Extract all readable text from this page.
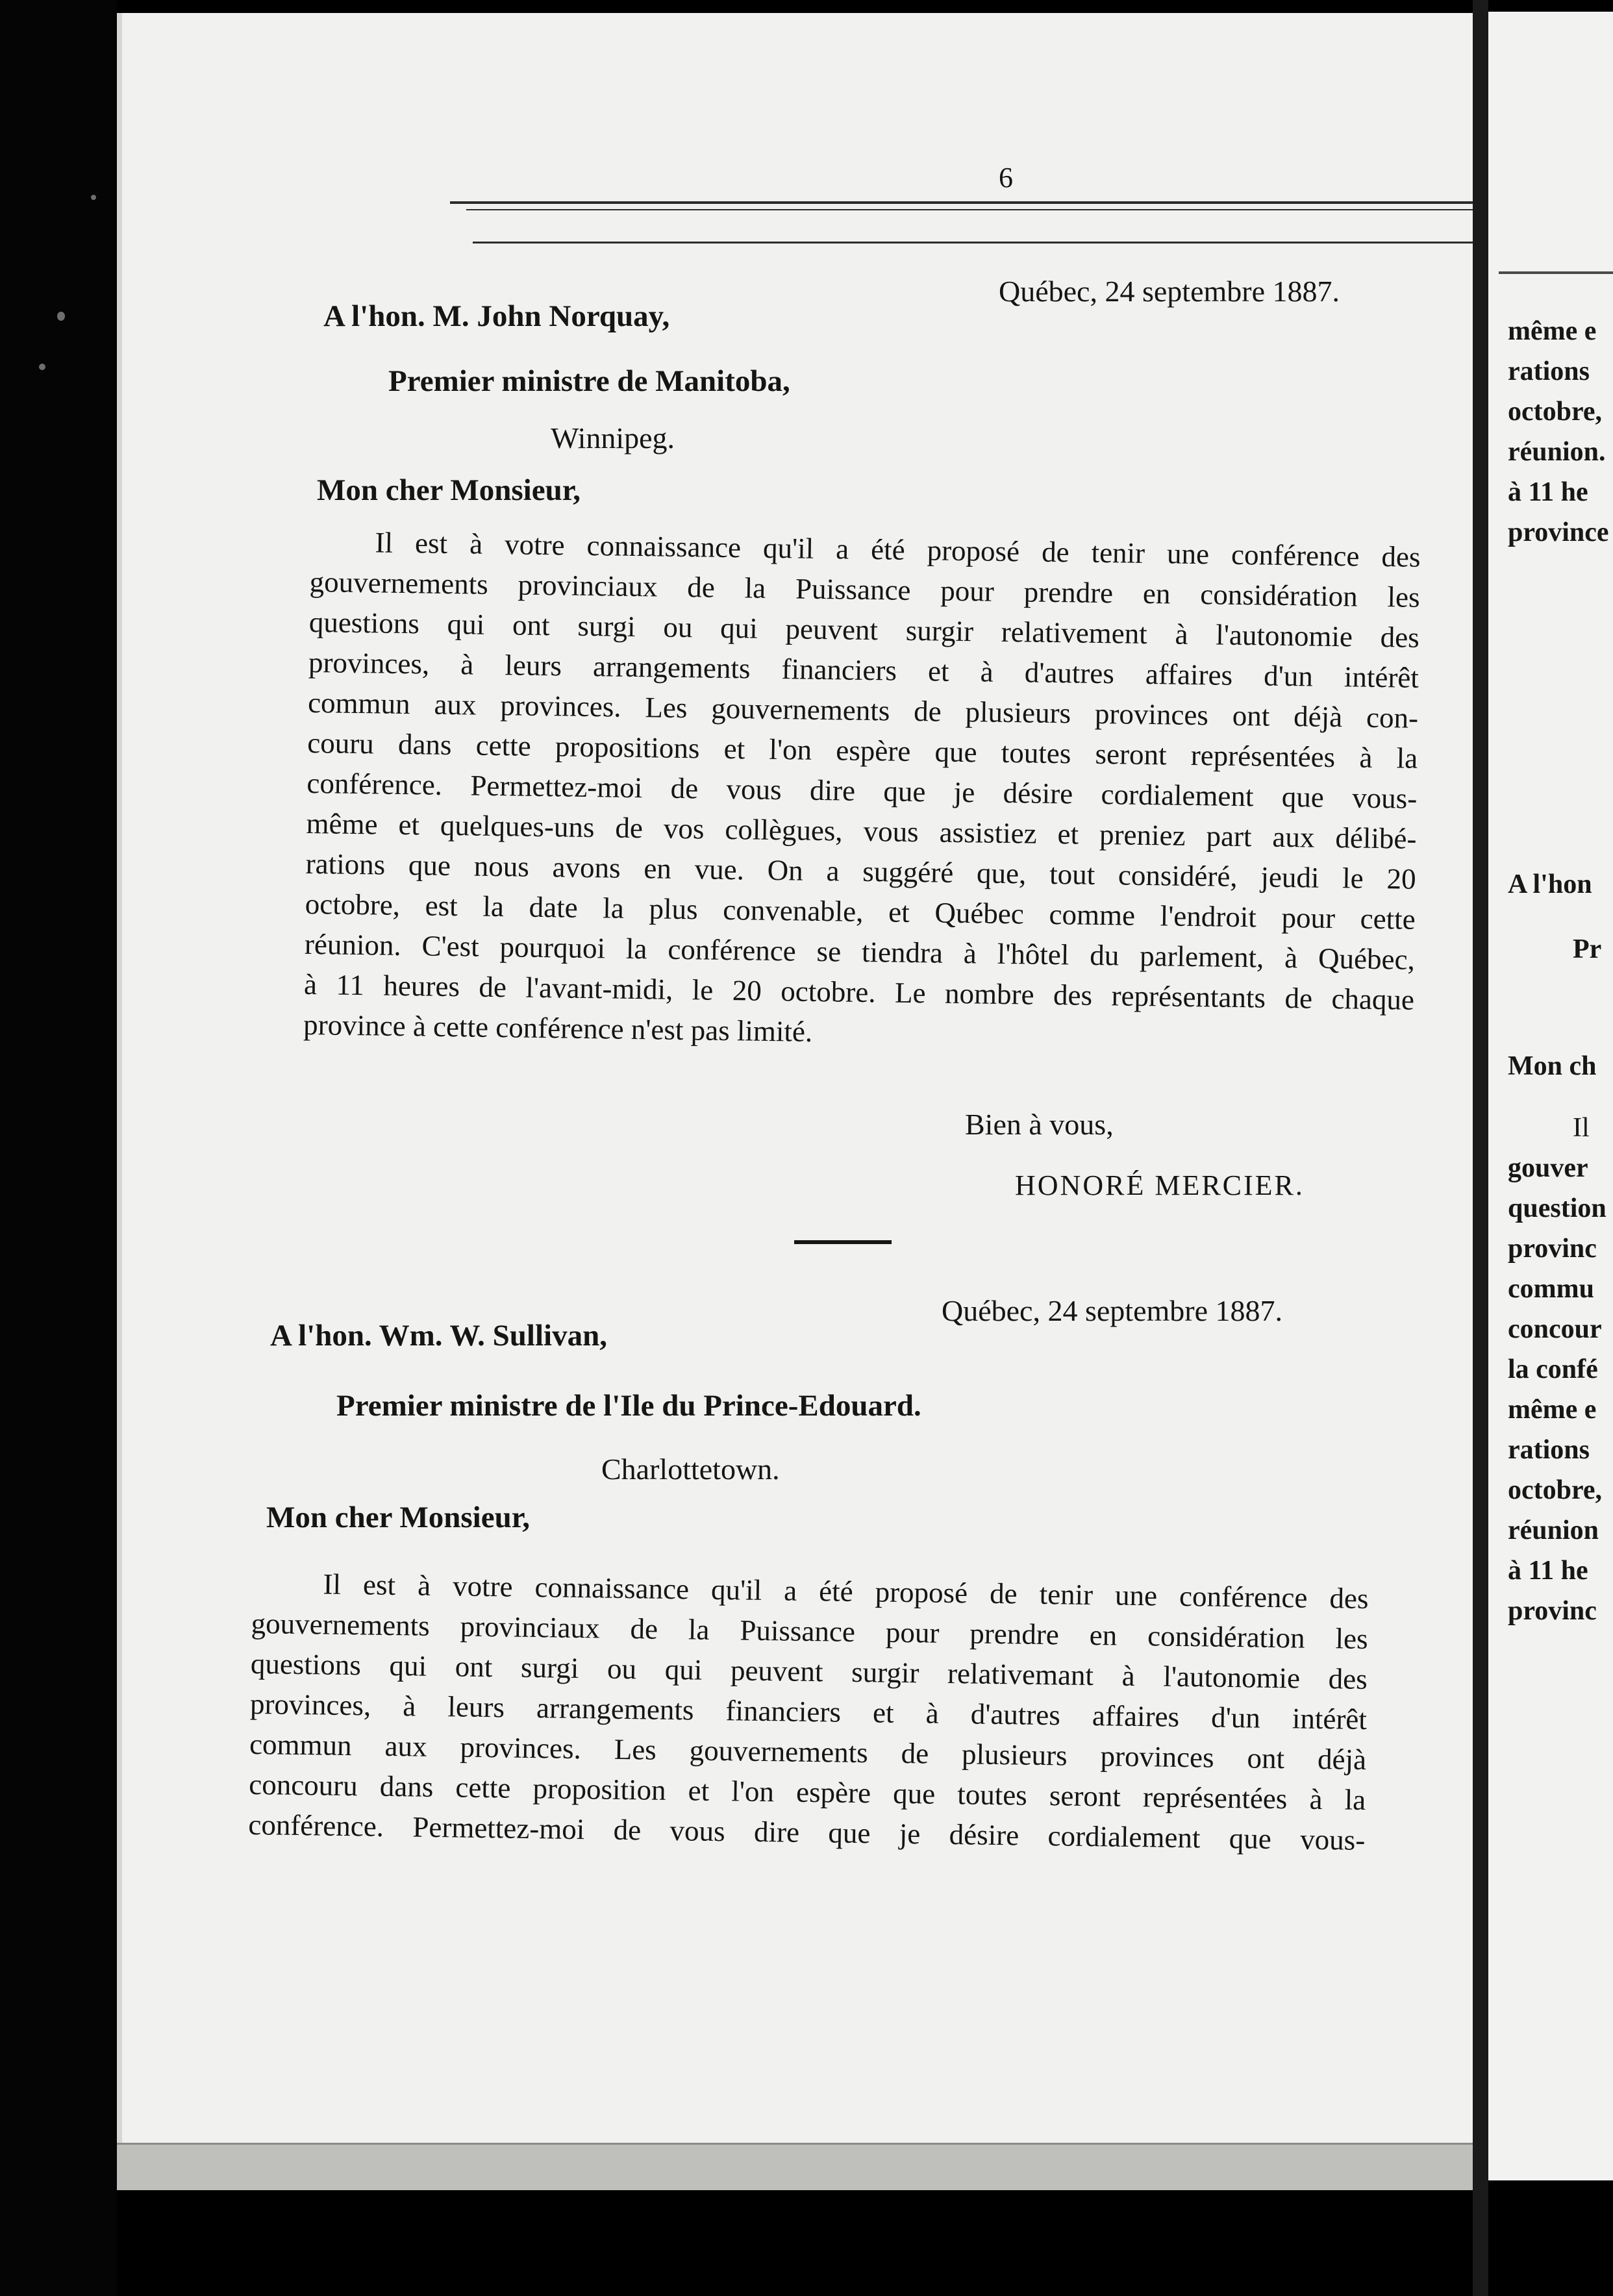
6
Québec, 24 septembre 1887.
A l'hon. M. John Norquay,
Premier ministre de Manitoba,
Winnipeg.
Mon cher Monsieur,
Il est à votre connaissance qu'il a été proposé de tenir une conférence des
gouvernements provinciaux de la Puissance pour prendre en considération les
questions qui ont surgi ou qui peuvent surgir relativement à l'autonomie des
provinces, à leurs arrangements financiers et à d'autres affaires d'un intérêt
commun aux provinces. Les gouvernements de plusieurs provinces ont déjà con-
couru dans cette propositions et l'on espère que toutes seront représentées à la
conférence. Permettez-moi de vous dire que je désire cordialement que vous-
même et quelques-uns de vos collègues, vous assistiez et preniez part aux délibé-
rations que nous avons en vue. On a suggéré que, tout considéré, jeudi le 20
octobre, est la date la plus convenable, et Québec comme l'endroit pour cette
réunion. C'est pourquoi la conférence se tiendra à l'hôtel du parlement, à Québec,
à 11 heures de l'avant-midi, le 20 octobre. Le nombre des représentants de chaque
province à cette conférence n'est pas limité.
Bien à vous,
HONORÉ MERCIER.
Québec, 24 septembre 1887.
A l'hon. Wm. W. Sullivan,
Premier ministre de l'Ile du Prince-Edouard.
Charlottetown.
Mon cher Monsieur,
Il est à votre connaissance qu'il a été proposé de tenir une conférence des
gouvernements provinciaux de la Puissance pour prendre en considération les
questions qui ont surgi ou qui peuvent surgir relativemant à l'autonomie des
provinces, à leurs arrangements financiers et à d'autres affaires d'un intérêt
commun aux provinces. Les gouvernements de plusieurs provinces ont déjà
concouru dans cette proposition et l'on espère que toutes seront représentées à la
conférence. Permettez-moi de vous dire que je désire cordialement que vous-
même e
rations
octobre,
réunion.
à 11 he
province
A l'hon
Pr
Mon ch
Il
gouver
question
provinc
commu
concour
la confé
même e
rations
octobre,
réunion
à 11 he
provinc
